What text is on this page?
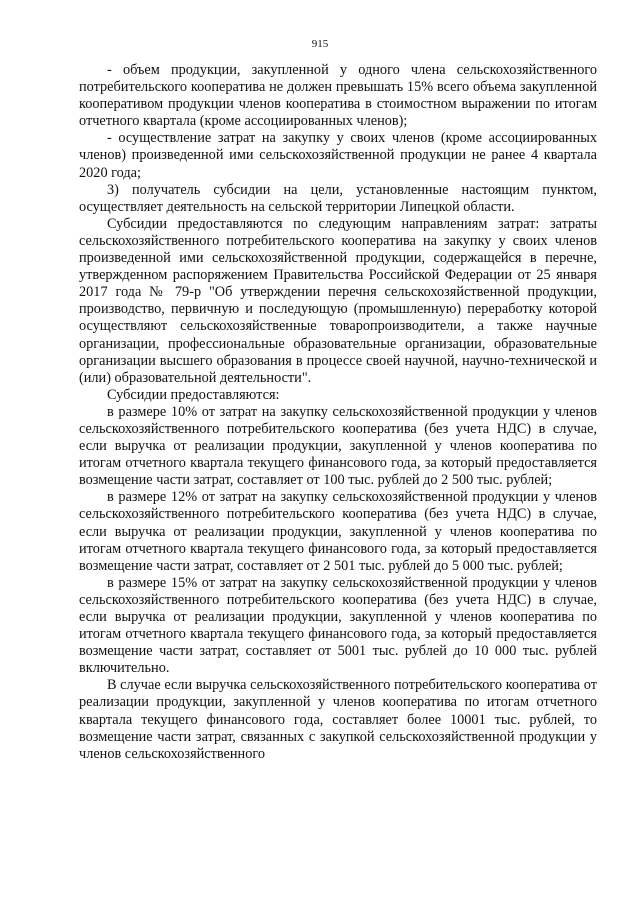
915

- объем продукции, закупленной у одного члена сельскохозяйственного потребительского кооператива не должен превышать 15% всего объема закупленной кооперативом продукции членов кооператива в стоимостном выражении по итогам отчетного квартала (кроме ассоциированных членов);

- осуществление затрат на закупку у своих членов (кроме ассоциированных членов) произведенной ими сельскохозяйственной продукции не ранее 4 квартала 2020 года;

3) получатель субсидии на цели, установленные настоящим пунктом, осуществляет деятельность на сельской территории Липецкой области.

Субсидии предоставляются по следующим направлениям затрат: затраты сельскохозяйственного потребительского кооператива на закупку у своих членов произведенной ими сельскохозяйственной продукции, содержащейся в перечне, утвержденном распоряжением Правительства Российской Федерации от 25 января 2017 года № 79-р "Об утверждении перечня сельскохозяйственной продукции, производство, первичную и последующую (промышленную) переработку которой осуществляют сельскохозяйственные товаропроизводители, а также научные организации, профессиональные образовательные организации, образовательные организации высшего образования в процессе своей научной, научно-технической и (или) образовательной деятельности".

Субсидии предоставляются:

в размере 10% от затрат на закупку сельскохозяйственной продукции у членов сельскохозяйственного потребительского кооператива (без учета НДС) в случае, если выручка от реализации продукции, закупленной у членов кооператива по итогам отчетного квартала текущего финансового года, за который предоставляется возмещение части затрат, составляет от 100 тыс. рублей до 2 500 тыс. рублей;

в размере 12% от затрат на закупку сельскохозяйственной продукции у членов сельскохозяйственного потребительского кооператива (без учета НДС) в случае, если выручка от реализации продукции, закупленной у членов кооператива по итогам отчетного квартала текущего финансового года, за который предоставляется возмещение части затрат, составляет от 2 501 тыс. рублей до 5 000 тыс. рублей;

в размере 15% от затрат на закупку сельскохозяйственной продукции у членов сельскохозяйственного потребительского кооператива (без учета НДС) в случае, если выручка от реализации продукции, закупленной у членов кооператива по итогам отчетного квартала текущего финансового года, за который предоставляется возмещение части затрат, составляет от 5001 тыс. рублей до 10 000 тыс. рублей включительно.

В случае если выручка сельскохозяйственного потребительского кооператива от реализации продукции, закупленной у членов кооператива по итогам отчетного квартала текущего финансового года, составляет более 10001 тыс. рублей, то возмещение части затрат, связанных с закупкой сельскохозяйственной продукции у членов сельскохозяйственного
